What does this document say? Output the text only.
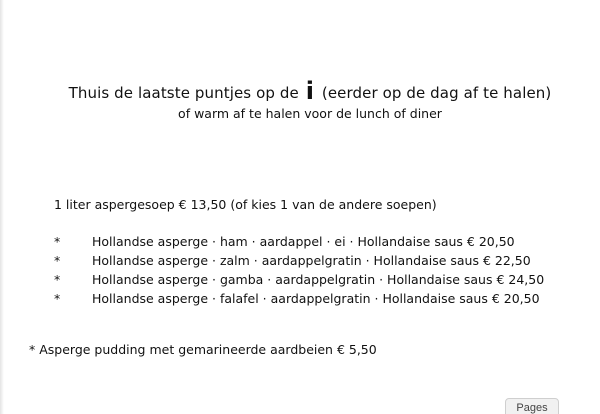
Thuis de laatste puntjes op de i (eerder op de dag af te halen)
of warm af te halen voor de lunch of diner
1 liter aspergesoep € 13,50 (of kies 1 van de andere soepen)
*	Hollandse asperge · ham · aardappel · ei · Hollandaise saus € 20,50
*	Hollandse asperge · zalm · aardappelgratin · Hollandaise saus € 22,50
*	Hollandse asperge · gamba · aardappelgratin · Hollandaise saus € 24,50
*	Hollandse asperge · falafel · aardappelgratin · Hollandaise saus € 20,50
* Asperge pudding met gemarineerde aardbeien € 5,50
Pages
